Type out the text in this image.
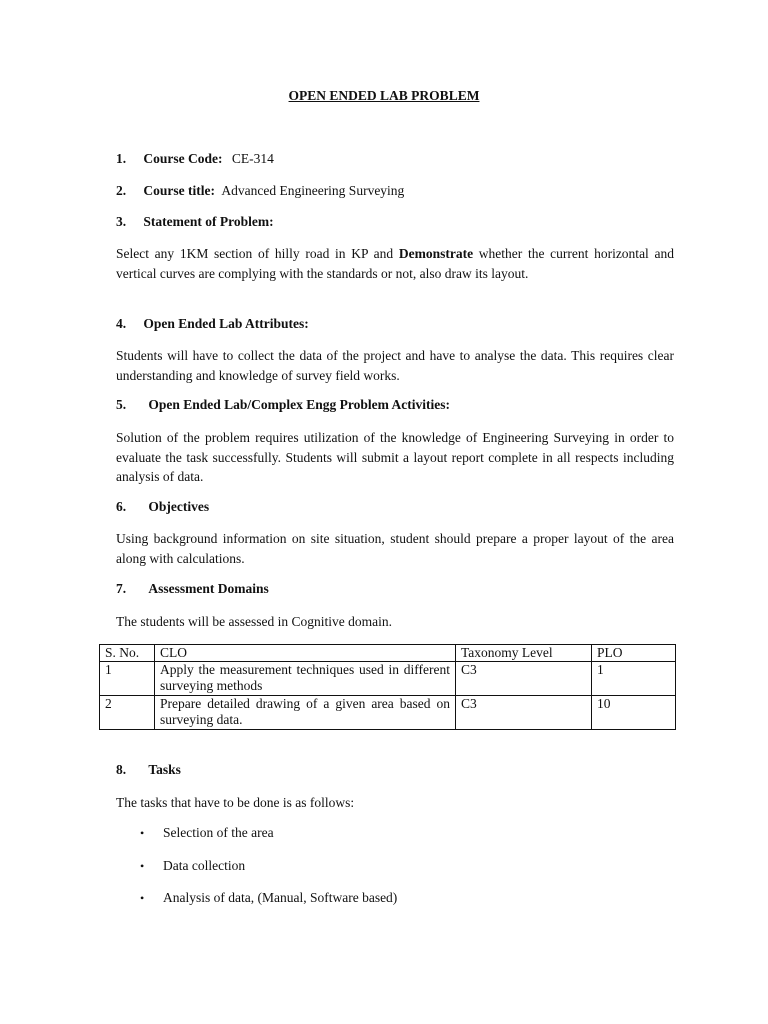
OPEN ENDED LAB PROBLEM
1. Course Code: CE-314
2. Course title: Advanced Engineering Surveying
3. Statement of Problem:

Select any 1KM section of hilly road in KP and Demonstrate whether the current horizontal and vertical curves are complying with the standards or not, also draw its layout.

4. Open Ended Lab Attributes:

Students will have to collect the data of the project and have to analyse the data. This requires clear understanding and knowledge of survey field works.

5. Open Ended Lab/Complex Engg Problem Activities:

Solution of the problem requires utilization of the knowledge of Engineering Surveying in order to evaluate the task successfully. Students will submit a layout report complete in all respects including analysis of data.

6. Objectives

Using background information on site situation, student should prepare a proper layout of the area along with calculations.

7. Assessment Domains

The students will be assessed in Cognitive domain.

S. No.	CLO	Taxonomy Level	PLO
1	Apply the measurement techniques used in different surveying methods	C3	1
2	Prepare detailed drawing of a given area based on surveying data.	C3	10
8. Tasks

The tasks that have to be done is as follows:

• Selection of the area
• Data collection
• Analysis of data, (Manual, Software based)
